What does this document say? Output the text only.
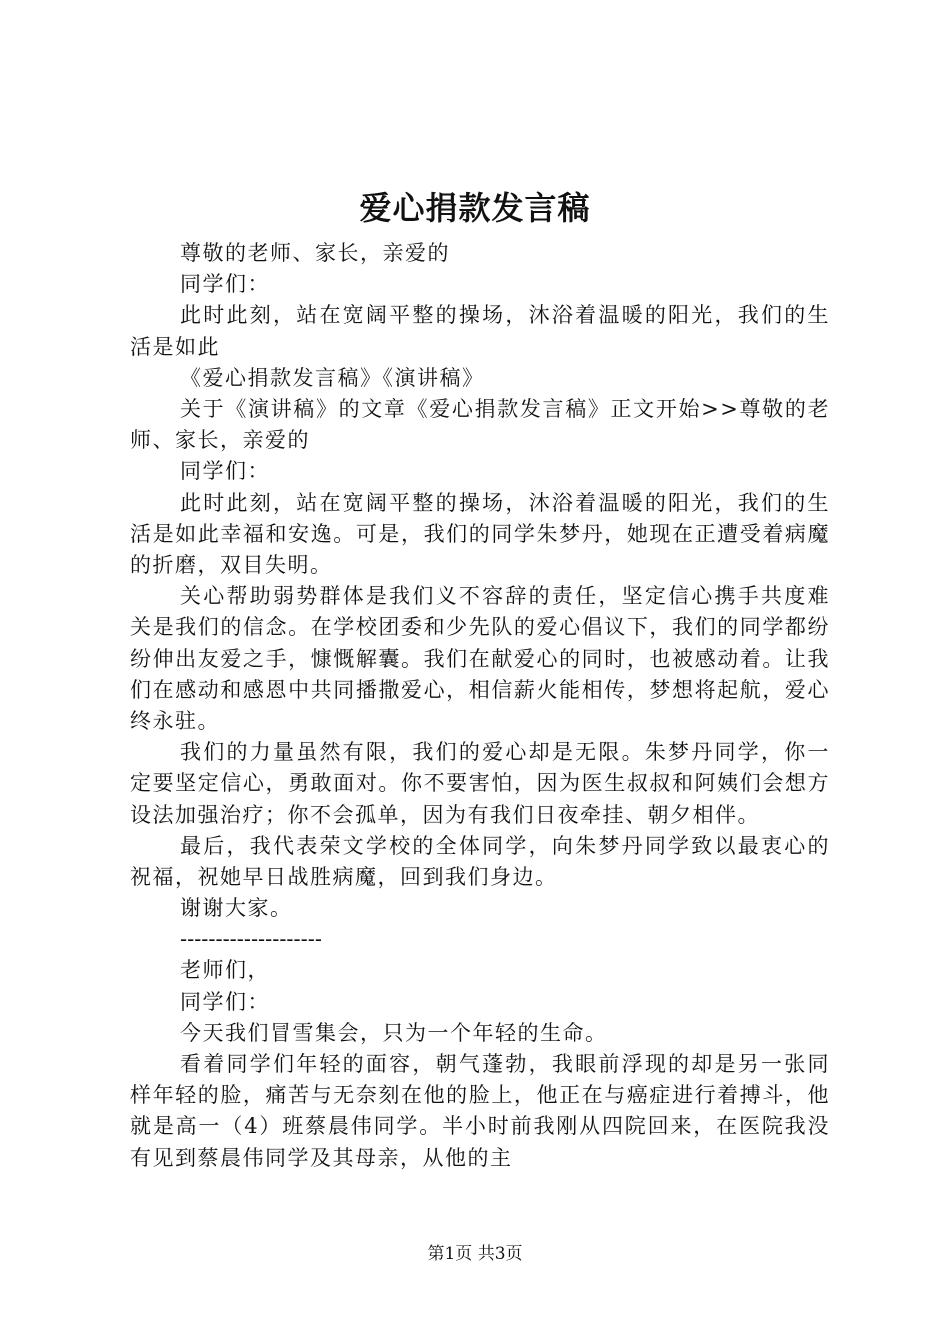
爱心捐款发言稿

尊敬的老师、家长，亲爱的

同学们：

此时此刻，站在宽阔平整的操场，沐浴着温暖的阳光，我们的生活是如此

《爱心捐款发言稿》《演讲稿》

关于《演讲稿》的文章《爱心捐款发言稿》正文开始>>尊敬的老师、家长，亲爱的

同学们：

此时此刻，站在宽阔平整的操场，沐浴着温暖的阳光，我们的生活是如此幸福和安逸。可是，我们的同学朱梦丹，她现在正遭受着病魔的折磨，双目失明。

关心帮助弱势群体是我们义不容辞的责任，坚定信心携手共度难关是我们的信念。在学校团委和少先队的爱心倡议下，我们的同学都纷纷伸出友爱之手，慷慨解囊。我们在献爱心的同时，也被感动着。让我们在感动和感恩中共同播撒爱心，相信薪火能相传，梦想将起航，爱心终永驻。

我们的力量虽然有限，我们的爱心却是无限。朱梦丹同学，你一定要坚定信心，勇敢面对。你不要害怕，因为医生叔叔和阿姨们会想方设法加强治疗；你不会孤单，因为有我们日夜牵挂、朝夕相伴。

最后，我代表荣文学校的全体同学，向朱梦丹同学致以最衷心的祝福，祝她早日战胜病魔，回到我们身边。

谢谢大家。

--------------------

老师们，

同学们：

今天我们冒雪集会，只为一个年轻的生命。

看着同学们年轻的面容，朝气蓬勃，我眼前浮现的却是另一张同样年轻的脸，痛苦与无奈刻在他的脸上，他正在与癌症进行着搏斗，他就是高一（4）班蔡晨伟同学。半小时前我刚从四院回来，在医院我没有见到蔡晨伟同学及其母亲，从他的主

第1页 共3页
